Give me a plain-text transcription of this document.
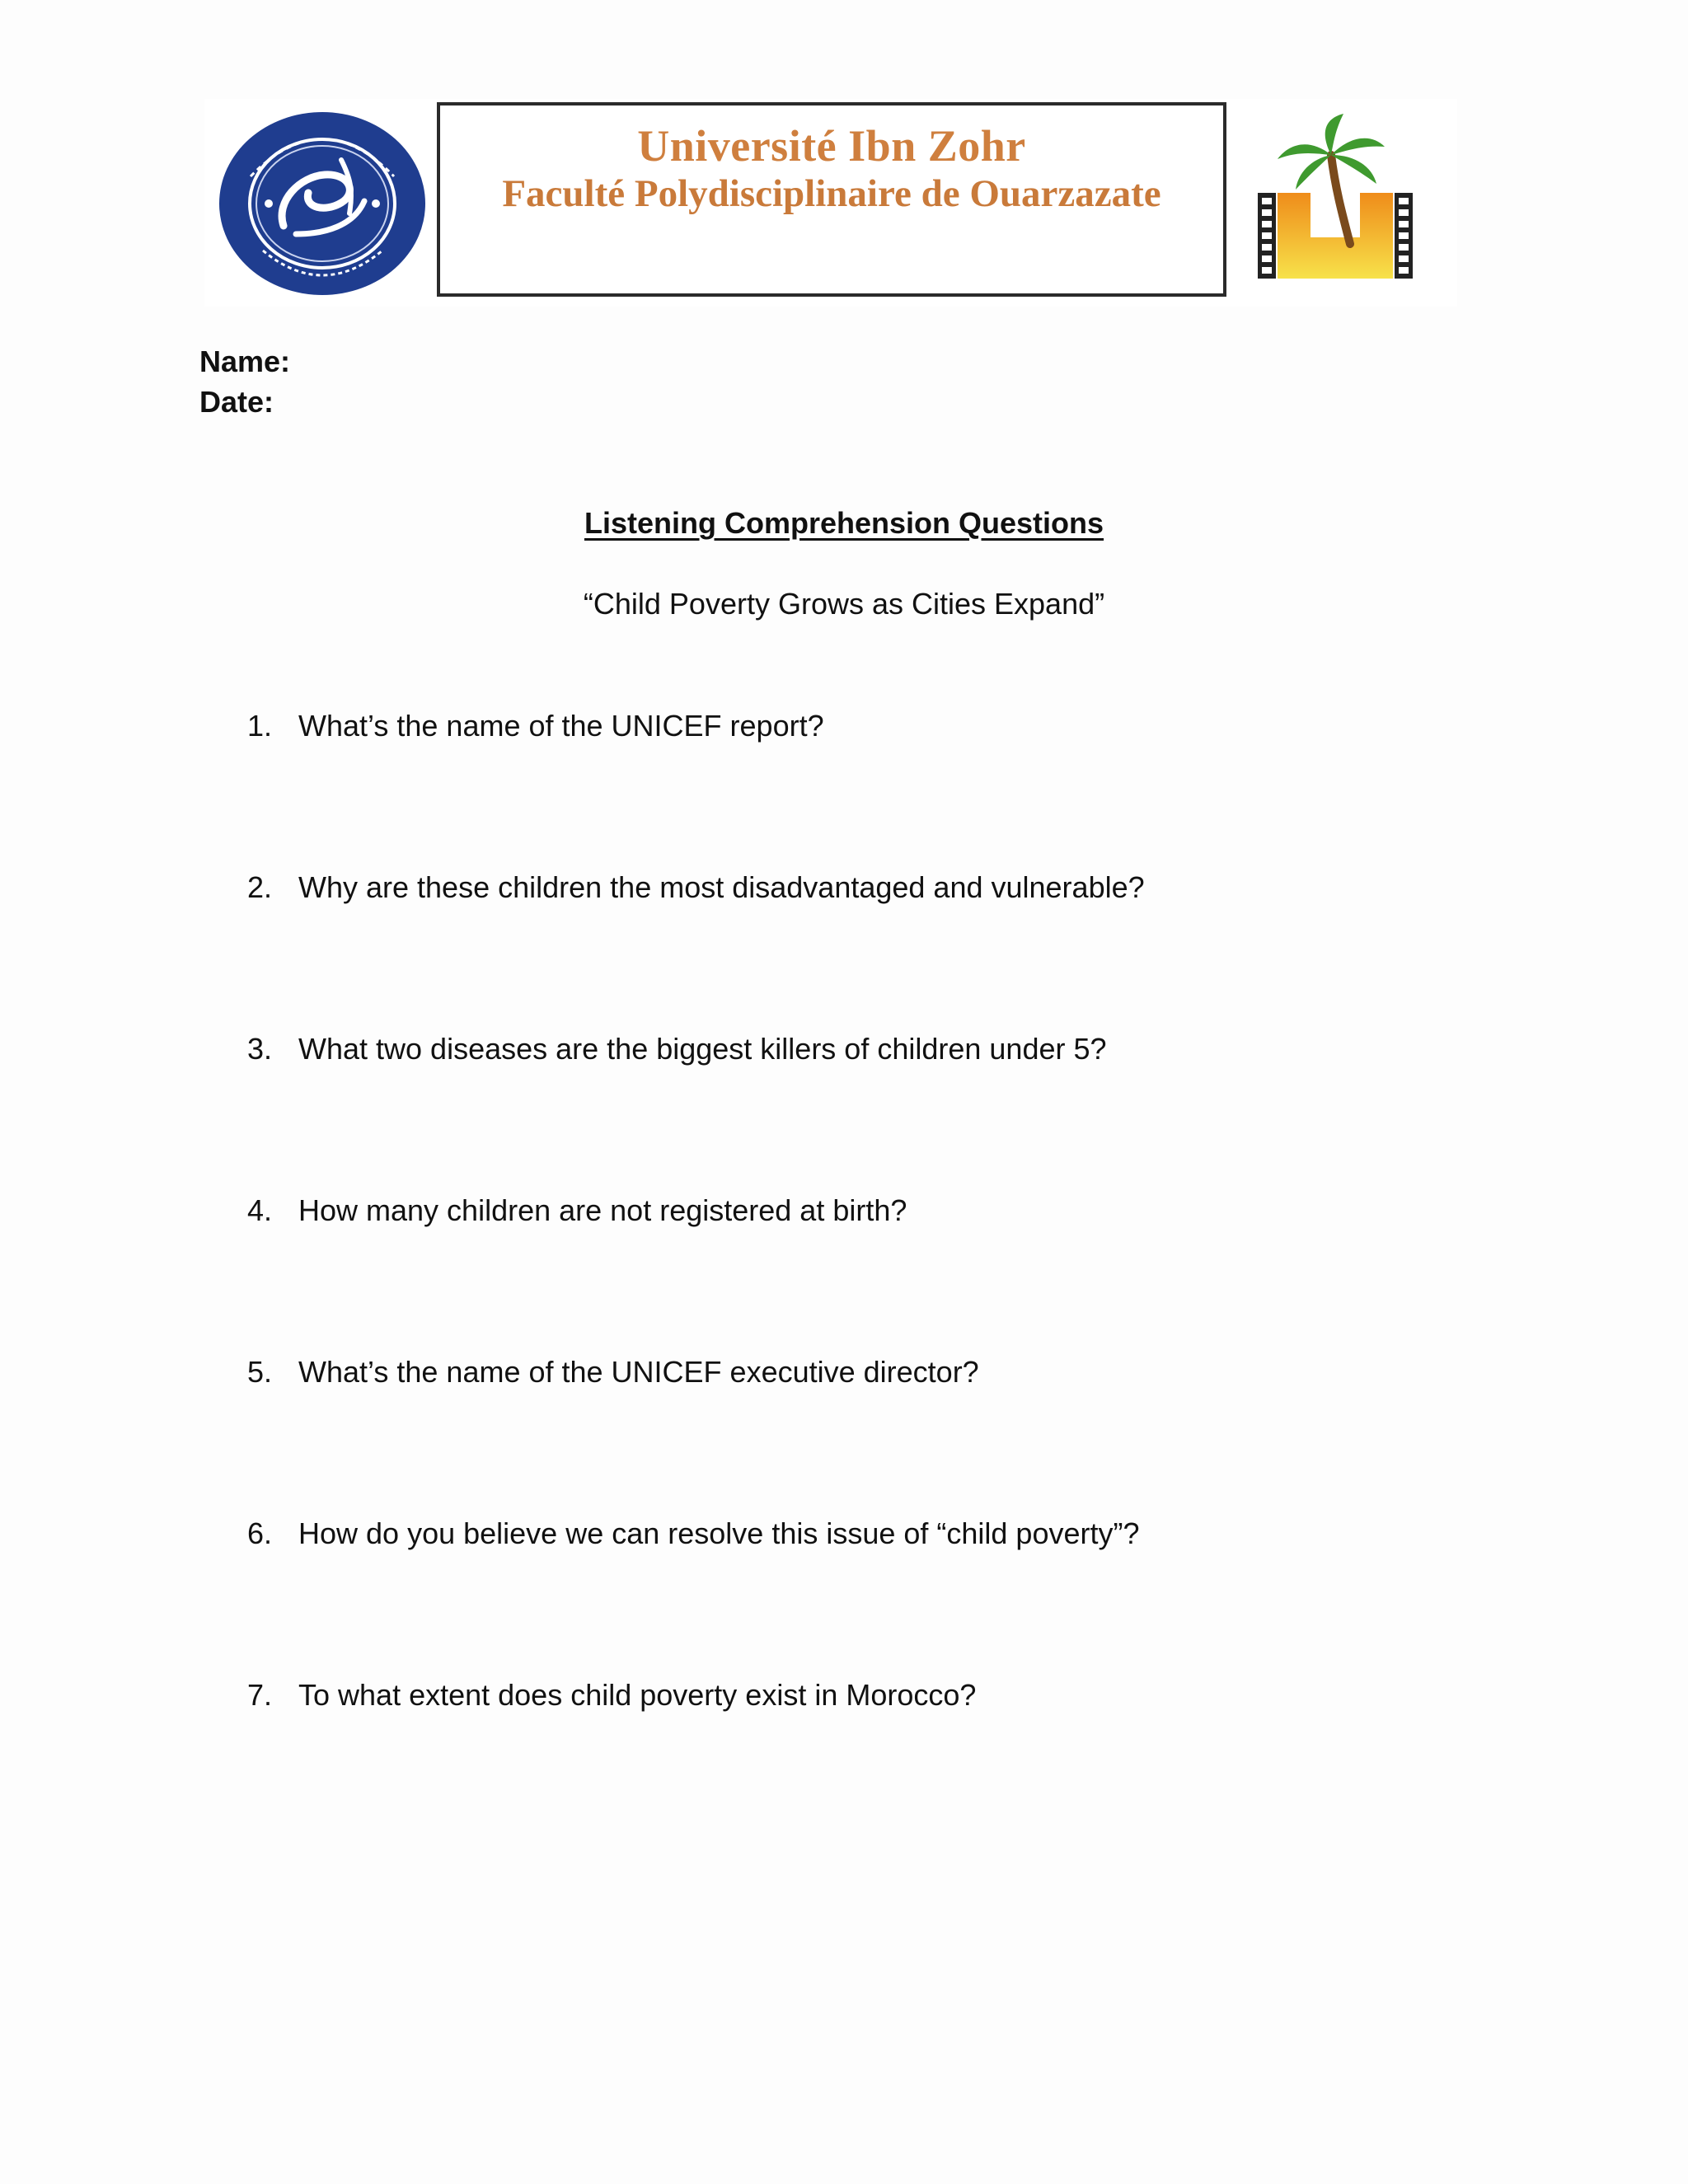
Université Ibn Zohr
Faculté Polydisciplinaire de Ouarzazate
Name:
Date:
Listening Comprehension Questions
“Child Poverty Grows as Cities Expand”
1. What’s the name of the UNICEF report?
2. Why are these children the most disadvantaged and vulnerable?
3. What two diseases are the biggest killers of children under 5?
4. How many children are not registered at birth?
5. What’s the name of the UNICEF executive director?
6. How do you believe we can resolve this issue of “child poverty”?
7. To what extent does child poverty exist in Morocco?
